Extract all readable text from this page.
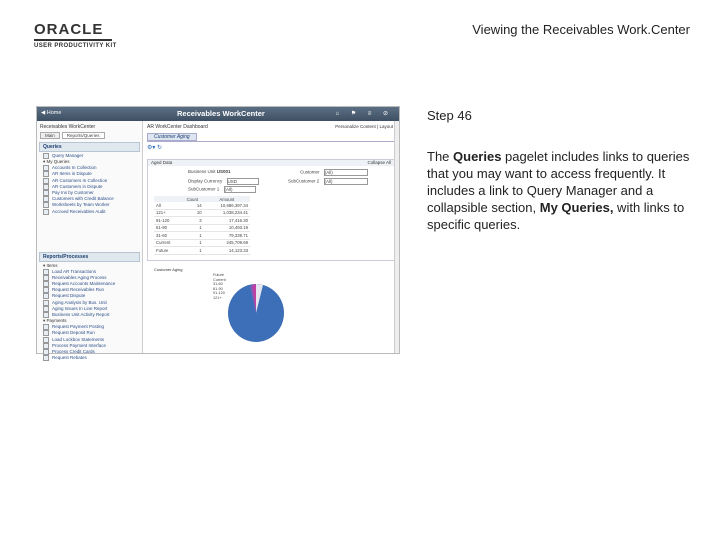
ORACLE
USER PRODUCTIVITY KIT
Viewing the Receivables Work.Center
◀ Home	Receivables WorkCenter	⌂ ⚑ ≡ ⊘
Receivables WorkCenter
Main	Reports/Queries
Queries
Query Manager
▾ My Queries
Accounts In Collection
AR Items in Dispute
AR Customers In Collection
AR Customers in Dispute
Pay Ins by Customer
Customers with Credit Balance
Worksheets by Team Worker
Accrued Receivables Audit
Reports/Processes
▾ Items
Load AR Transactions
Receivables Aging Process
Request Accounts Maintenance
Request Receivables Run
Request Dispute
Aging Analysis by Bus. Unit
Aging Issues In Line Report
Business Unit Activity Report
▾ Payments
Request Payment Posting
Request Deposit Run
Load Lockbox Statements
Process Payment Interface
Process Credit Cards
Request Rebates
AR WorkCenter Dashboard	Personalize Content | Layout
Customer Aging
⚙▾ ↻
Aged Data	Collapse All
Business Unit US001	Customer (All)
Display Currency USD	SubCustomer 2 (All)
SubCustomer 1 (All)
	Count	Amount
All	14	10,686,397.34
121+	10	1,038,234.41
91-120	3	17,416.30
61-90	1	10,493.19
31-60	1	79,339.71
Current	1	245,709.69
Future	1	14,123.33
Customer Aging
Future
Current
31-60
61-90
91-120
121+
Step 46
The Queries pagelet includes links to queries that you may want to access frequently. It includes a link to Query Manager and a collapsible section, My Queries, with links to specific queries.
